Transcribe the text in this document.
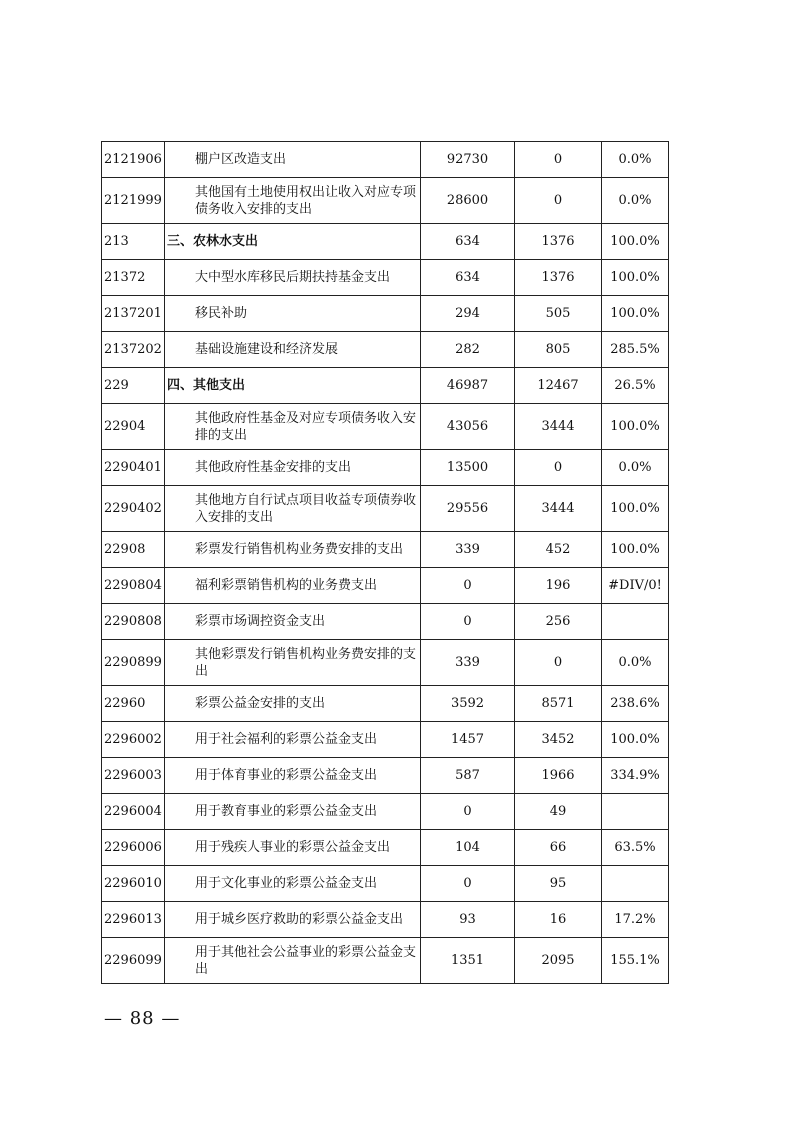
2121906	棚户区改造支出	92730	0	0.0%
2121999	其他国有土地使用权出让收入对应专项债务收入安排的支出	28600	0	0.0%
213	三、农林水支出	634	1376	100.0%
21372	大中型水库移民后期扶持基金支出	634	1376	100.0%
2137201	移民补助	294	505	100.0%
2137202	基础设施建设和经济发展	282	805	285.5%
229	四、其他支出	46987	12467	26.5%
22904	其他政府性基金及对应专项债务收入安排的支出	43056	3444	100.0%
2290401	其他政府性基金安排的支出	13500	0	0.0%
2290402	其他地方自行试点项目收益专项债券收入安排的支出	29556	3444	100.0%
22908	彩票发行销售机构业务费安排的支出	339	452	100.0%
2290804	福利彩票销售机构的业务费支出	0	196	#DIV/0!
2290808	彩票市场调控资金支出	0	256	
2290899	其他彩票发行销售机构业务费安排的支出	339	0	0.0%
22960	彩票公益金安排的支出	3592	8571	238.6%
2296002	用于社会福利的彩票公益金支出	1457	3452	100.0%
2296003	用于体育事业的彩票公益金支出	587	1966	334.9%
2296004	用于教育事业的彩票公益金支出	0	49	
2296006	用于残疾人事业的彩票公益金支出	104	66	63.5%
2296010	用于文化事业的彩票公益金支出	0	95	
2296013	用于城乡医疗救助的彩票公益金支出	93	16	17.2%
2296099	用于其他社会公益事业的彩票公益金支出	1351	2095	155.1%
— 88 —
